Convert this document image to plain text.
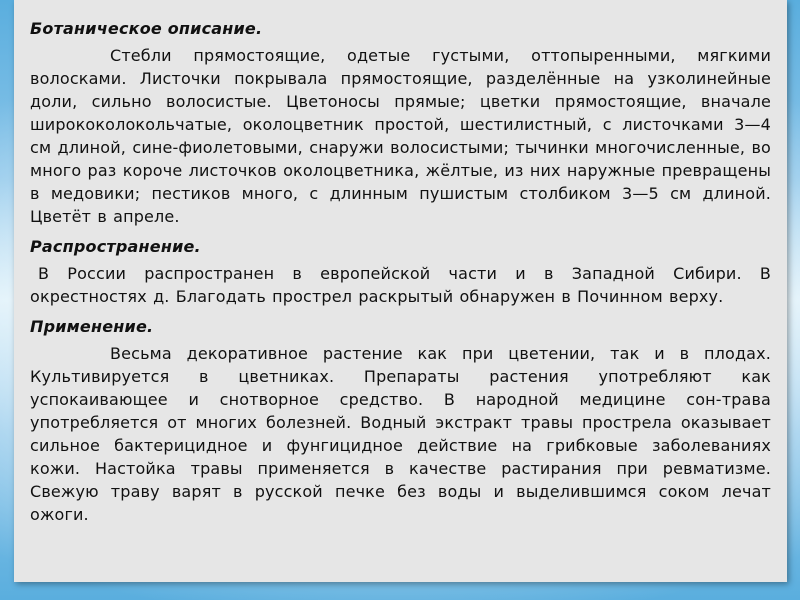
Ботаническое описание.

Стебли прямостоящие, одетые густыми, оттопыренными, мягкими волосками. Листочки покрывала прямостоящие, разделённые на узколинейные доли, сильно волосистые. Цветоносы прямые; цветки прямостоящие, вначале ширококолокольчатые, околоцветник простой, шестилистный, с листочками 3—4 см длиной, сине-фиолетовыми, снаружи волосистыми; тычинки многочисленные, во много раз короче листочков околоцветника, жёлтые, из них наружные превращены в медовики; пестиков много, с длинным пушистым столбиком 3—5 см длиной. Цветёт в апреле.

Распространение.

В России распространен в европейской части и в Западной Сибири. В окрестностях д. Благодать прострел раскрытый обнаружен в Починном верху.

Применение.

Весьма декоративное растение как при цветении, так и в плодах. Культивируется в цветниках. Препараты растения употребляют как успокаивающее и снотворное средство. В народной медицине сон-трава употребляется от многих болезней. Водный экстракт травы прострела оказывает сильное бактерицидное и фунгицидное действие на грибковые заболеваниях кожи. Настойка травы применяется в качестве растирания при ревматизме. Свежую траву варят в русской печке без воды и выделившимся соком лечат ожоги.
